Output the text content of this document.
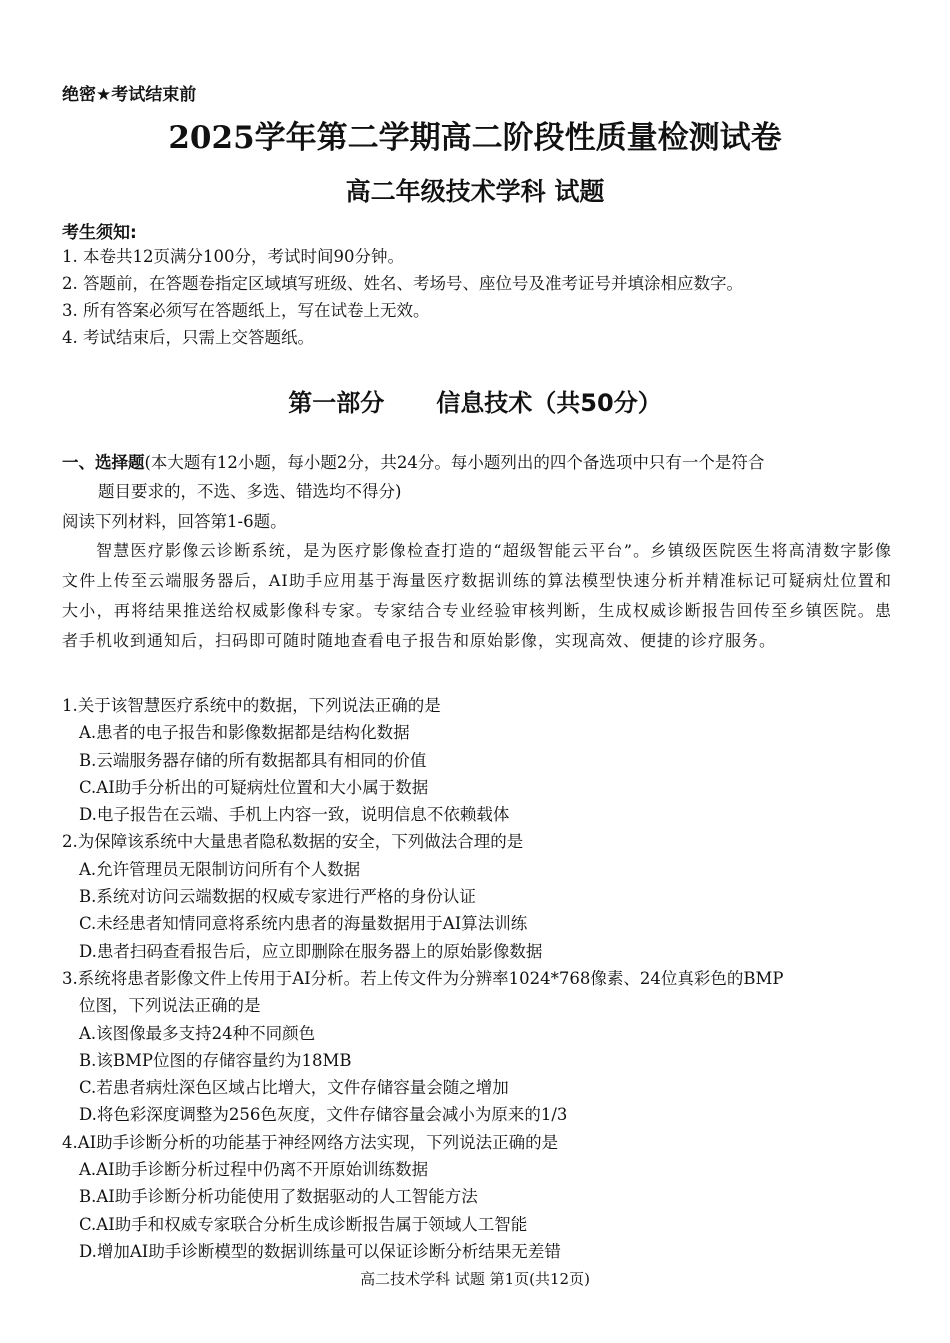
绝密★考试结束前
2025学年第二学期高二阶段性质量检测试卷
高二年级技术学科 试题
考生须知:
1. 本卷共12页满分100分，考试时间90分钟。
2. 答题前，在答题卷指定区域填写班级、姓名、考场号、座位号及准考证号并填涂相应数字。
3. 所有答案必须写在答题纸上，写在试卷上无效。
4. 考试结束后，只需上交答题纸。
第一部分 信息技术（共50分）
一、选择题(本大题有12小题，每小题2分，共24分。每小题列出的四个备选项中只有一个是符合
题目要求的，不选、多选、错选均不得分)
阅读下列材料，回答第1-6题。

智慧医疗影像云诊断系统，是为医疗影像检查打造的“超级智能云平台”。乡镇级医院医生将高清数字影像文件上传至云端服务器后，AI助手应用基于海量医疗数据训练的算法模型快速分析并精准标记可疑病灶位置和大小，再将结果推送给权威影像科专家。专家结合专业经验审核判断，生成权威诊断报告回传至乡镇医院。患者手机收到通知后，扫码即可随时随地查看电子报告和原始影像，实现高效、便捷的诊疗服务。

1.关于该智慧医疗系统中的数据，下列说法正确的是
A.患者的电子报告和影像数据都是结构化数据
B.云端服务器存储的所有数据都具有相同的价值
C.AI助手分析出的可疑病灶位置和大小属于数据
D.电子报告在云端、手机上内容一致，说明信息不依赖载体
2.为保障该系统中大量患者隐私数据的安全，下列做法合理的是
A.允许管理员无限制访问所有个人数据
B.系统对访问云端数据的权威专家进行严格的身份认证
C.未经患者知情同意将系统内患者的海量数据用于AI算法训练
D.患者扫码查看报告后，应立即删除在服务器上的原始影像数据
3.系统将患者影像文件上传用于AI分析。若上传文件为分辨率1024*768像素、24位真彩色的BMP
位图，下列说法正确的是
A.该图像最多支持24种不同颜色
B.该BMP位图的存储容量约为18MB
C.若患者病灶深色区域占比增大，文件存储容量会随之增加
D.将色彩深度调整为256色灰度，文件存储容量会减小为原来的1/3
4.AI助手诊断分析的功能基于神经网络方法实现，下列说法正确的是
A.AI助手诊断分析过程中仍离不开原始训练数据
B.AI助手诊断分析功能使用了数据驱动的人工智能方法
C.AI助手和权威专家联合分析生成诊断报告属于领域人工智能
D.增加AI助手诊断模型的数据训练量可以保证诊断分析结果无差错
高二技术学科 试题 第1页(共12页)
